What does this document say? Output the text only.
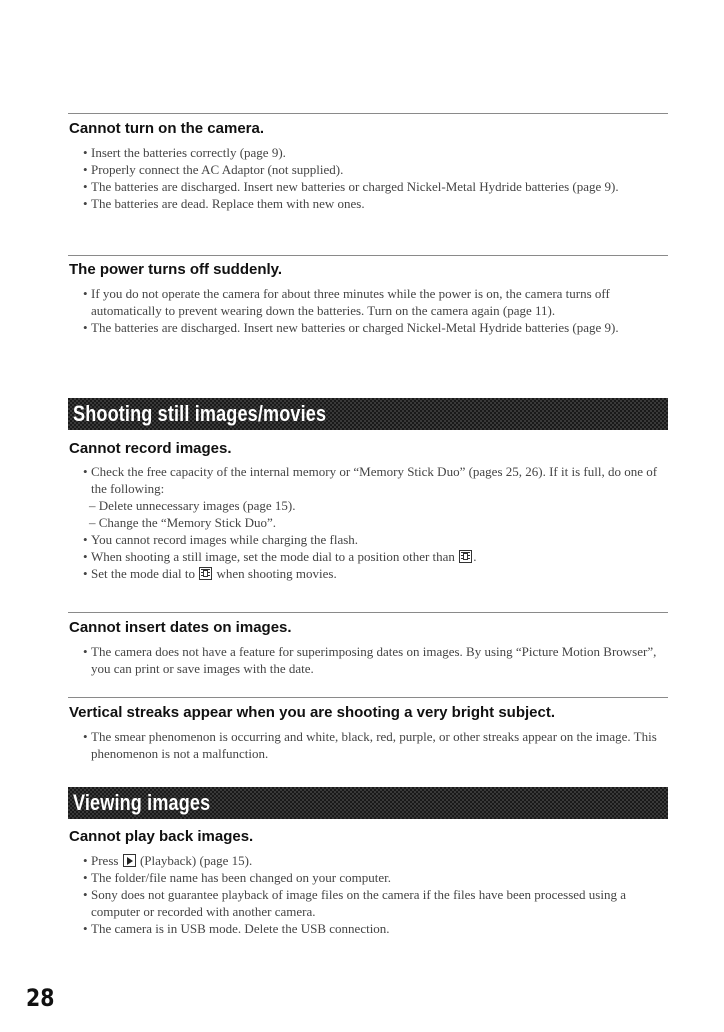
Cannot turn on the camera.
• Insert the batteries correctly (page 9).
• Properly connect the AC Adaptor (not supplied).
• The batteries are discharged. Insert new batteries or charged Nickel-Metal Hydride batteries (page 9).
• The batteries are dead. Replace them with new ones.
The power turns off suddenly.
• If you do not operate the camera for about three minutes while the power is on, the camera turns off automatically to prevent wearing down the batteries. Turn on the camera again (page 11).
• The batteries are discharged. Insert new batteries or charged Nickel-Metal Hydride batteries (page 9).
Shooting still images/movies
Cannot record images.
• Check the free capacity of the internal memory or “Memory Stick Duo” (pages 25, 26). If it is full, do one of the following:
– Delete unnecessary images (page 15).
– Change the “Memory Stick Duo”.
• You cannot record images while charging the flash.
• When shooting a still image, set the mode dial to a position other than .
• Set the mode dial to when shooting movies.
Cannot insert dates on images.
• The camera does not have a feature for superimposing dates on images. By using “Picture Motion Browser”, you can print or save images with the date.
Vertical streaks appear when you are shooting a very bright subject.
• The smear phenomenon is occurring and white, black, red, purple, or other streaks appear on the image. This phenomenon is not a malfunction.
Viewing images
Cannot play back images.
• Press (Playback) (page 15).
• The folder/file name has been changed on your computer.
• Sony does not guarantee playback of image files on the camera if the files have been processed using a computer or recorded with another camera.
• The camera is in USB mode. Delete the USB connection.
28
